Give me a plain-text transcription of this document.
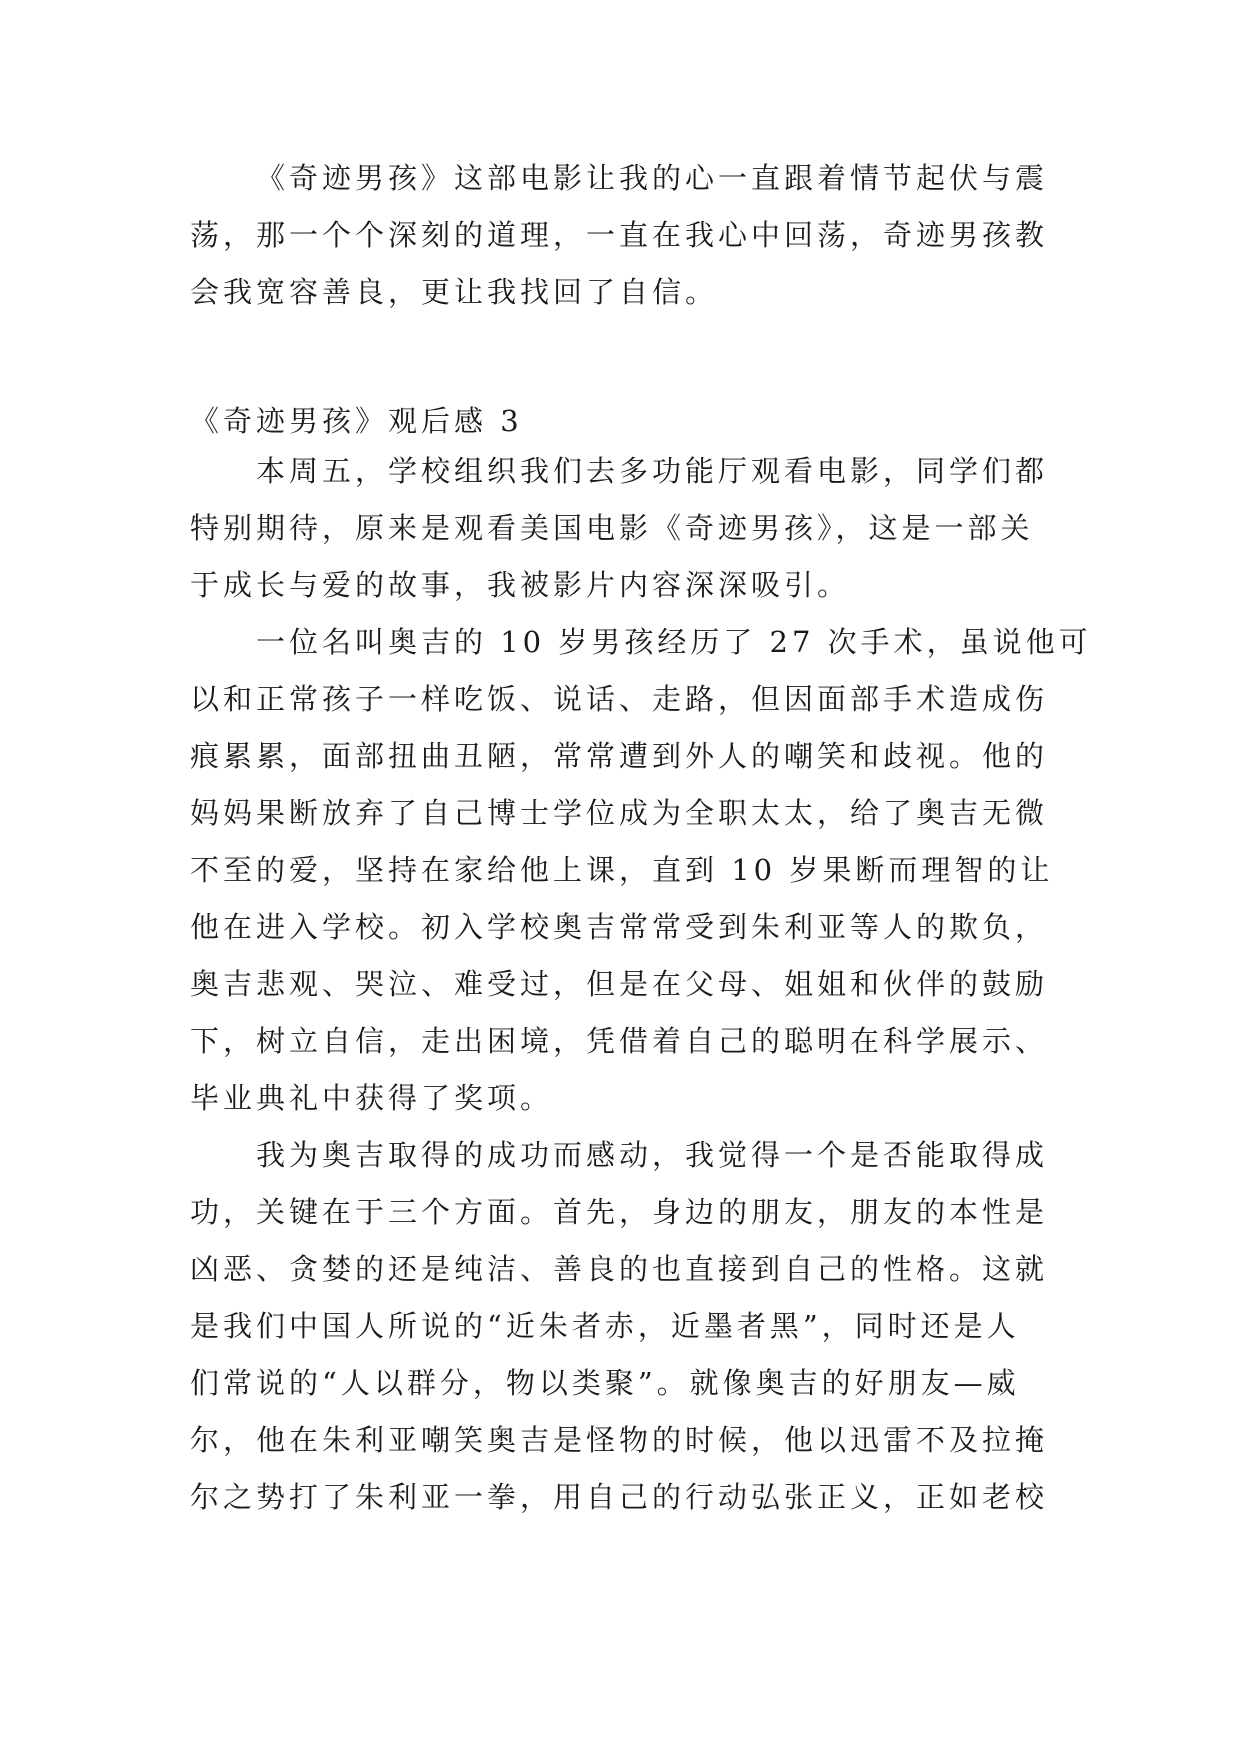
《奇迹男孩》这部电影让我的心一直跟着情节起伏与震
荡，那一个个深刻的道理，一直在我心中回荡，奇迹男孩教
会我宽容善良，更让我找回了自信。
《奇迹男孩》观后感 3
本周五，学校组织我们去多功能厅观看电影，同学们都
特别期待，原来是观看美国电影《奇迹男孩》，这是一部关
于成长与爱的故事，我被影片内容深深吸引。
一位名叫奥吉的 10 岁男孩经历了 27 次手术，虽说他可
以和正常孩子一样吃饭、说话、走路，但因面部手术造成伤
痕累累，面部扭曲丑陋，常常遭到外人的嘲笑和歧视。他的
妈妈果断放弃了自己博士学位成为全职太太，给了奥吉无微
不至的爱，坚持在家给他上课，直到 10 岁果断而理智的让
他在进入学校。初入学校奥吉常常受到朱利亚等人的欺负，
奥吉悲观、哭泣、难受过，但是在父母、姐姐和伙伴的鼓励
下，树立自信，走出困境，凭借着自己的聪明在科学展示、
毕业典礼中获得了奖项。
我为奥吉取得的成功而感动，我觉得一个是否能取得成
功，关键在于三个方面。首先，身边的朋友，朋友的本性是
凶恶、贪婪的还是纯洁、善良的也直接到自己的性格。这就
是我们中国人所说的“近朱者赤，近墨者黑”，同时还是人
们常说的“人以群分，物以类聚”。就像奥吉的好朋友—威
尔，他在朱利亚嘲笑奥吉是怪物的时候，他以迅雷不及拉掩
尔之势打了朱利亚一拳，用自己的行动弘张正义，正如老校
